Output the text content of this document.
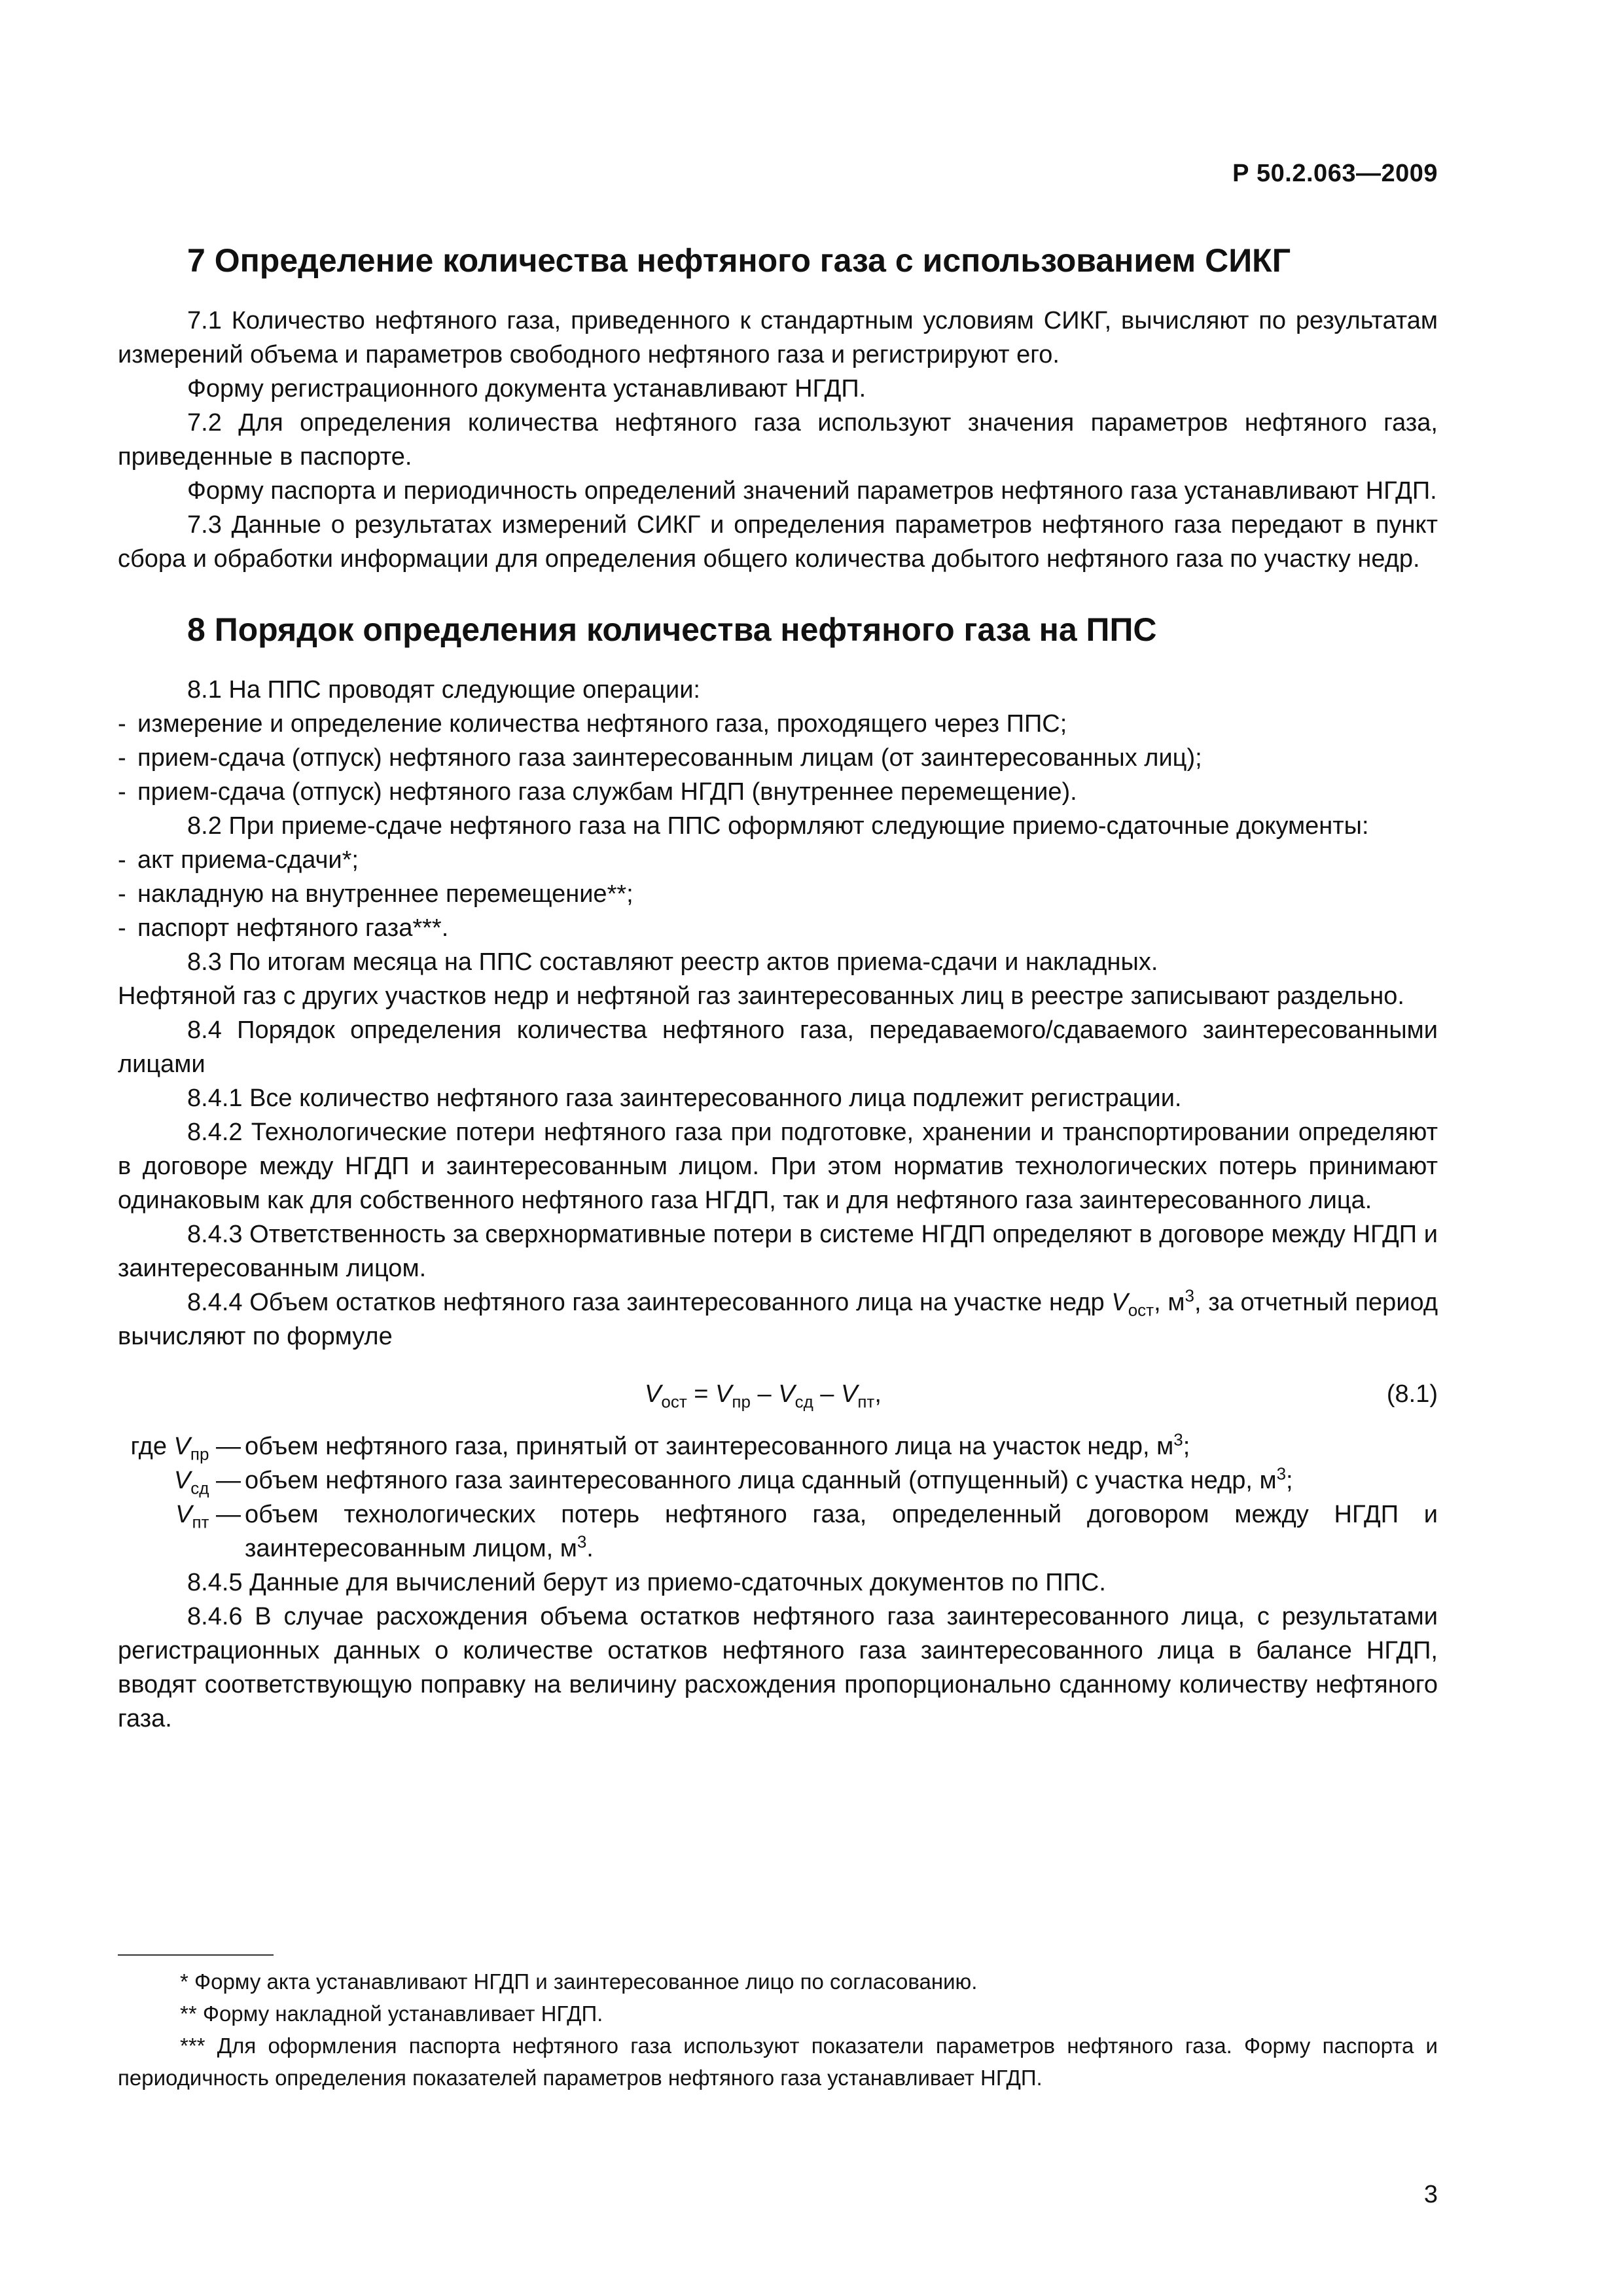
Р 50.2.063—2009
7 Определение количества нефтяного газа с использованием СИКГ

7.1 Количество нефтяного газа, приведенного к стандартным условиям СИКГ, вычисляют по результатам измерений объема и параметров свободного нефтяного газа и регистрируют его.

Форму регистрационного документа устанавливают НГДП.

7.2 Для определения количества нефтяного газа используют значения параметров нефтяного газа, приведенные в паспорте.

Форму паспорта и периодичность определений значений параметров нефтяного газа устанавливают НГДП.

7.3 Данные о результатах измерений СИКГ и определения параметров нефтяного газа передают в пункт сбора и обработки информации для определения общего количества добытого нефтяного газа по участку недр.

8 Порядок определения количества нефтяного газа на ППС

8.1 На ППС проводят следующие операции:

- измерение и определение количества нефтяного газа, проходящего через ППС;

- прием-сдача (отпуск) нефтяного газа заинтересованным лицам (от заинтересованных лиц);

- прием-сдача (отпуск) нефтяного газа службам НГДП (внутреннее перемещение).

8.2 При приеме-сдаче нефтяного газа на ППС оформляют следующие приемо-сдаточные документы:

- акт приема-сдачи*;

- накладную на внутреннее перемещение**;

- паспорт нефтяного газа***.

8.3 По итогам месяца на ППС составляют реестр актов приема-сдачи и накладных.

Нефтяной газ с других участков недр и нефтяной газ заинтересованных лиц в реестре записывают раздельно.

8.4 Порядок определения количества нефтяного газа, передаваемого/сдаваемого заинтересованными лицами

8.4.1 Все количество нефтяного газа заинтересованного лица подлежит регистрации.

8.4.2 Технологические потери нефтяного газа при подготовке, хранении и транспортировании определяют в договоре между НГДП и заинтересованным лицом. При этом норматив технологических потерь принимают одинаковым как для собственного нефтяного газа НГДП, так и для нефтяного газа заинтересованного лица.

8.4.3 Ответственность за сверхнормативные потери в системе НГДП определяют в договоре между НГДП и заинтересованным лицом.

8.4.4 Объем остатков нефтяного газа заинтересованного лица на участке недр $V_{ост}$, $м^3$, за отчетный период вычисляют по формуле

$V_{ост} = V_{пр} - V_{сд} - V_{пт}$,	(8.1)
где $V_{пр}$ — объем нефтяного газа, принятый от заинтересованного лица на участок недр, $м^3$;
$V_{сд}$ — объем нефтяного газа заинтересованного лица сданный (отпущенный) с участка недр, $м^3$;
$V_{пт}$ — объем технологических потерь нефтяного газа, определенный договором между НГДП и заинтересованным лицом, $м^3$.

8.4.5 Данные для вычислений берут из приемо-сдаточных документов по ППС.

8.4.6 В случае расхождения объема остатков нефтяного газа заинтересованного лица, с результатами регистрационных данных о количестве остатков нефтяного газа заинтересованного лица в балансе НГДП, вводят соответствующую поправку на величину расхождения пропорционально сданному количеству нефтяного газа.

* Форму акта устанавливают НГДП и заинтересованное лицо по согласованию.

** Форму накладной устанавливает НГДП.

*** Для оформления паспорта нефтяного газа используют показатели параметров нефтяного газа. Форму паспорта и периодичность определения показателей параметров нефтяного газа устанавливает НГДП.

3
